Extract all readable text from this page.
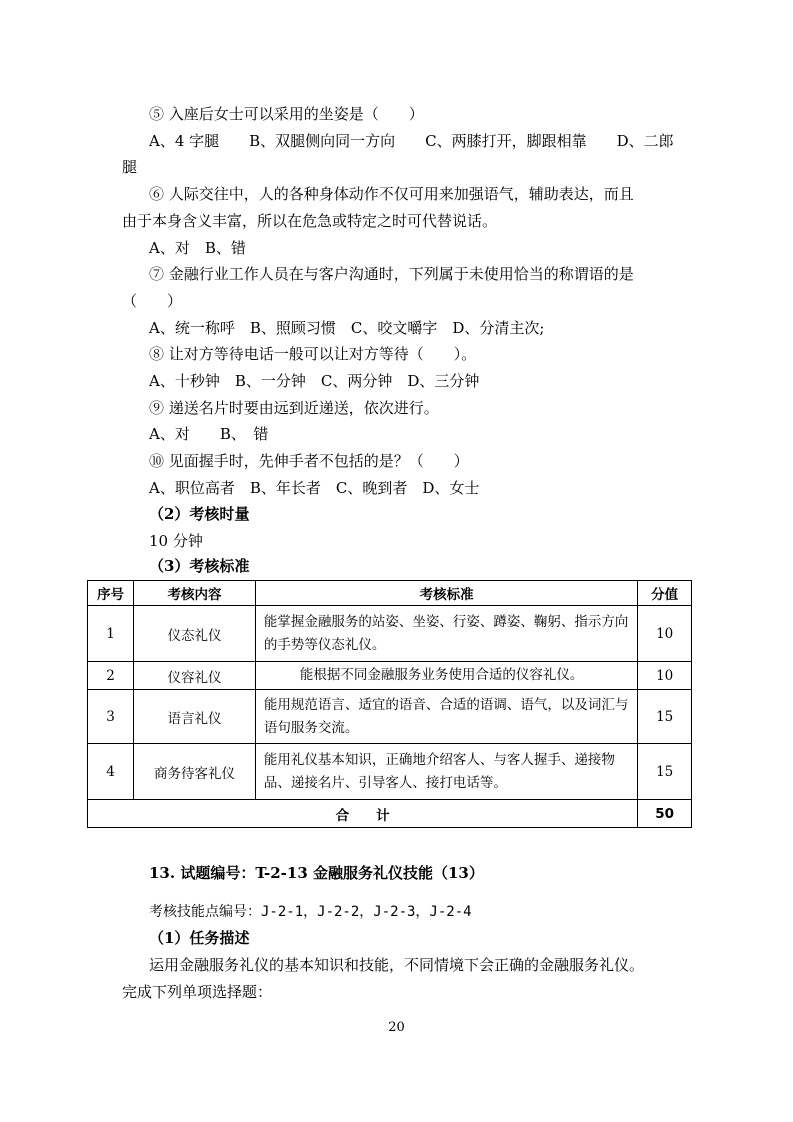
⑤ 入座后女士可以采用的坐姿是（　　）
A、4 字腿　　B、双腿侧向同一方向　　C、两膝打开，脚跟相靠　　D、二郎
腿
⑥ 人际交往中，人的各种身体动作不仅可用来加强语气，辅助表达，而且
由于本身含义丰富，所以在危急或特定之时可代替说话。
A、对　B、错
⑦ 金融行业工作人员在与客户沟通时，下列属于未使用恰当的称谓语的是
（　　）
A、统一称呼　B、照顾习惯　C、咬文嚼字　D、分清主次;
⑧ 让对方等待电话一般可以让对方等待（　　）。
A、十秒钟　B、一分钟　C、两分钟　D、三分钟
⑨ 递送名片时要由远到近递送，依次进行。
A、对　　B、　错
⑩ 见面握手时，先伸手者不包括的是？（　　）
A、职位高者　B、年长者　C、晚到者　D、女士
（2）考核时量
10 分钟
（3）考核标准
序号	考核内容	考核标准	分值
1	仪态礼仪	能掌握金融服务的站姿、坐姿、行姿、蹲姿、鞠躬、指示方向的手势等仪态礼仪。	10
2	仪容礼仪	能根据不同金融服务业务使用合适的仪容礼仪。	10
3	语言礼仪	能用规范语言、适宜的语音、合适的语调、语气，以及词汇与语句服务交流。	15
4	商务待客礼仪	能用礼仪基本知识，正确地介绍客人、与客人握手、递接物品、递接名片、引导客人、接打电话等。	15
合　　计			50
13. 试题编号：T-2-13 金融服务礼仪技能（13）
考核技能点编号：J-2-1，J-2-2，J-2-3，J-2-4
（1）任务描述
运用金融服务礼仪的基本知识和技能，不同情境下会正确的金融服务礼仪。
完成下列单项选择题：
20
